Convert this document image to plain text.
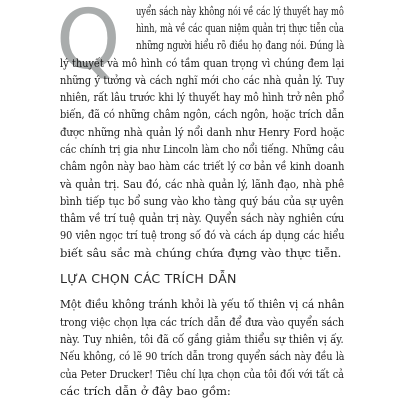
Q uyển sách này không nói về các lý thuyết hay mô
hình, mà về các quan niệm quản trị thực tiễn của
những người hiểu rõ điều họ đang nói. Đúng là
lý thuyết và mô hình có tầm quan trọng vì chúng đem lại
những ý tưởng và cách nghĩ mới cho các nhà quản lý. Tuy
nhiên, rất lâu trước khi lý thuyết hay mô hình trở nên phổ
biến, đã có những châm ngôn, cách ngôn, hoặc trích dẫn
được những nhà quản lý nổi danh như Henry Ford hoặc
các chính trị gia như Lincoln làm cho nổi tiếng. Những câu
châm ngôn này bao hàm các triết lý cơ bản về kinh doanh
và quản trị. Sau đó, các nhà quản lý, lãnh đạo, nhà phê
bình tiếp tục bổ sung vào kho tàng quý báu của sự uyên
thâm về trí tuệ quản trị này. Quyển sách này nghiên cứu
90 viên ngọc trí tuệ trong số đó và cách áp dụng các hiểu
biết sâu sắc mà chúng chứa đựng vào thực tiễn.
LỰA CHỌN CÁC TRÍCH DẪN
Một điều không tránh khỏi là yếu tố thiên vị cá nhân
trong việc chọn lựa các trích dẫn để đưa vào quyển sách
này. Tuy nhiên, tôi đã cố gắng giảm thiểu sự thiên vị ấy.
Nếu không, có lẽ 90 trích dẫn trong quyển sách này đều là
của Peter Drucker! Tiêu chí lựa chọn của tôi đối với tất cả
các trích dẫn ở đây bao gồm:
